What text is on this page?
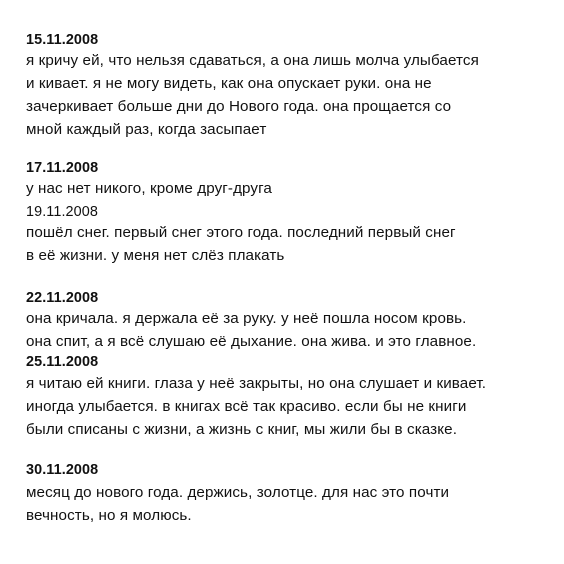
15.11.2008
я кричу ей, что нельзя сдаваться, а она лишь молча улыбается
и кивает. я не могу видеть, как она опускает руки. она не
зачеркивает больше дни до Нового года. она прощается со
мной каждый раз, когда засыпает
17.11.2008
у нас нет никого, кроме друг-друга
19.11.2008
пошёл снег. первый снег этого года. последний первый снег
в её жизни. у меня нет слёз плакать
22.11.2008
она кричала. я держала её за руку. у неё пошла носом кровь.
она спит, а я всё слушаю её дыхание. она жива. и это главное.
25.11.2008
я читаю ей книги. глаза у неё закрыты, но она слушает и кивает.
иногда улыбается. в книгах всё так красиво. если бы не книги
были списаны с жизни, а жизнь с книг, мы жили бы в сказке.
30.11.2008
месяц до нового года. держись, золотце. для нас это почти
вечность, но я молюсь.
